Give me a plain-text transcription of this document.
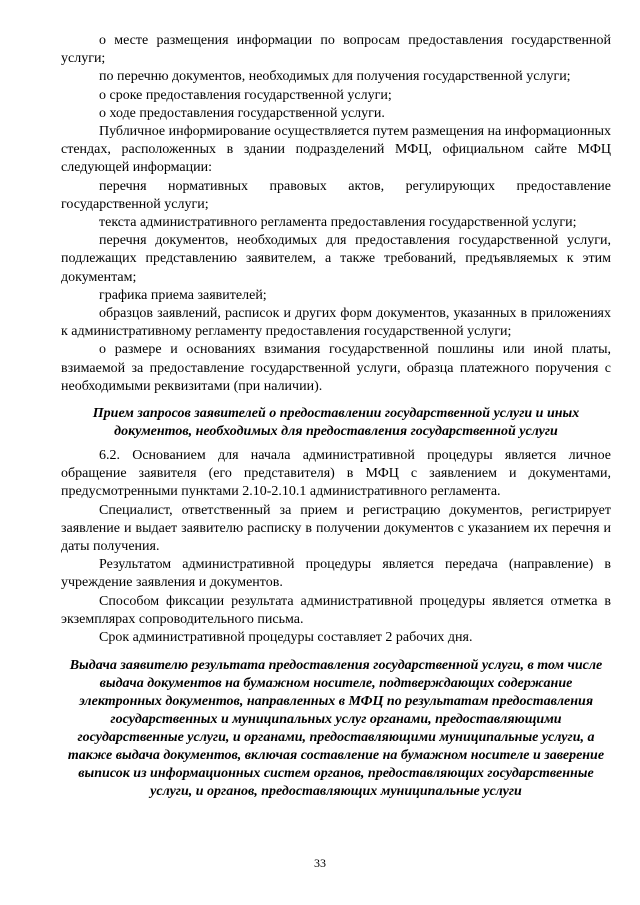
о месте размещения информации по вопросам предоставления государственной услуги;

по перечню документов, необходимых для получения государственной услуги;

о сроке предоставления государственной услуги;

о ходе предоставления государственной услуги.

Публичное информирование осуществляется путем размещения на информационных стендах, расположенных в здании подразделений МФЦ, официальном сайте МФЦ следующей информации:

перечня нормативных правовых актов, регулирующих предоставление государственной услуги;

текста административного регламента предоставления государственной услуги;

перечня документов, необходимых для предоставления государственной услуги, подлежащих представлению заявителем, а также требований, предъявляемых к этим документам;

графика приема заявителей;

образцов заявлений, расписок и других форм документов, указанных в приложениях к административному регламенту предоставления государственной услуги;

о размере и основаниях взимания государственной пошлины или иной платы, взимаемой за предоставление государственной услуги, образца платежного поручения с необходимыми реквизитами (при наличии).

Прием запросов заявителей о предоставлении государственной услуги и иных документов, необходимых для предоставления государственной услуги

6.2. Основанием для начала административной процедуры является личное обращение заявителя (его представителя) в МФЦ с заявлением и документами, предусмотренными пунктами 2.10-2.10.1 административного регламента.

Специалист, ответственный за прием и регистрацию документов, регистрирует заявление и выдает заявителю расписку в получении документов с указанием их перечня и даты получения.

Результатом административной процедуры является передача (направление) в учреждение заявления и документов.

Способом фиксации результата административной процедуры является отметка в экземплярах сопроводительного письма.

Срок административной процедуры составляет 2 рабочих дня.

Выдача заявителю результата предоставления государственной услуги, в том числе выдача документов на бумажном носителе, подтверждающих содержание электронных документов, направленных в МФЦ по результатам предоставления государственных и муниципальных услуг органами, предоставляющими государственные услуги, и органами, предоставляющими муниципальные услуги, а также выдача документов, включая составление на бумажном носителе и заверение выписок из информационных систем органов, предоставляющих государственные услуги, и органов, предоставляющих муниципальные услуги
33
